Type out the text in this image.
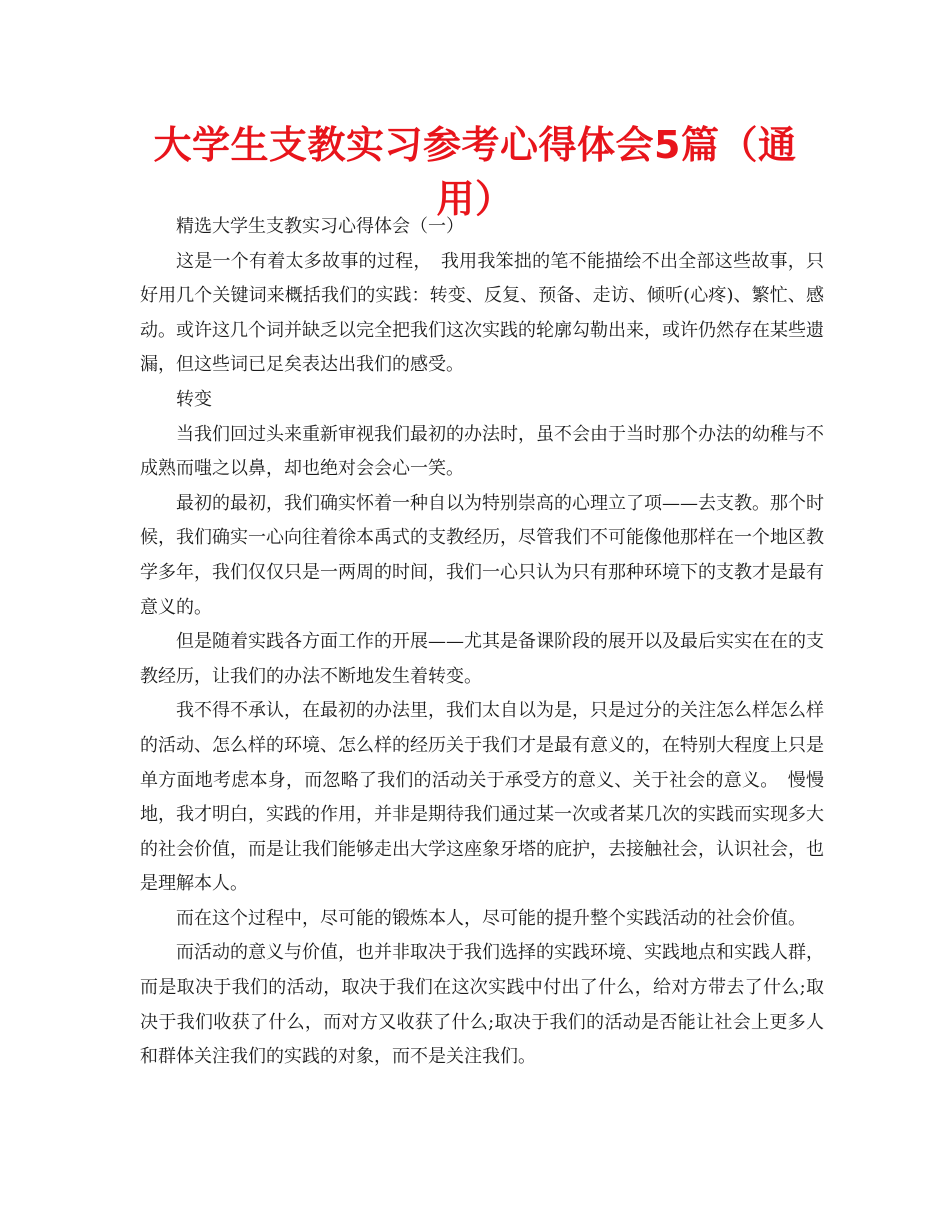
大学生支教实习参考心得体会5篇（通用）

精选大学生支教实习心得体会（一）

这是一个有着太多故事的过程，　我用我笨拙的笔不能描绘不出全部这些故事，只好用几个关键词来概括我们的实践：转变、反复、预备、走访、倾听(心疼)、繁忙、感动。或许这几个词并缺乏以完全把我们这次实践的轮廓勾勒出来，或许仍然存在某些遗漏，但这些词已足矣表达出我们的感受。

转变

当我们回过头来重新审视我们最初的办法时，虽不会由于当时那个办法的幼稚与不成熟而嗤之以鼻，却也绝对会会心一笑。

最初的最初，我们确实怀着一种自以为特别崇高的心理立了项——去支教。那个时候，我们确实一心向往着徐本禹式的支教经历，尽管我们不可能像他那样在一个地区教学多年，我们仅仅只是一两周的时间，我们一心只认为只有那种环境下的支教才是最有意义的。

但是随着实践各方面工作的开展——尤其是备课阶段的展开以及最后实实在在的支教经历，让我们的办法不断地发生着转变。

我不得不承认，在最初的办法里，我们太自以为是，只是过分的关注怎么样怎么样的活动、怎么样的环境、怎么样的经历关于我们才是最有意义的，在特别大程度上只是单方面地考虑本身，而忽略了我们的活动关于承受方的意义、关于社会的意义。　慢慢地，我才明白，实践的作用，并非是期待我们通过某一次或者某几次的实践而实现多大的社会价值，而是让我们能够走出大学这座象牙塔的庇护，去接触社会，认识社会，也是理解本人。

而在这个过程中，尽可能的锻炼本人，尽可能的提升整个实践活动的社会价值。

而活动的意义与价值，也并非取决于我们选择的实践环境、实践地点和实践人群，而是取决于我们的活动，取决于我们在这次实践中付出了什么，给对方带去了什么;取决于我们收获了什么，而对方又收获了什么;取决于我们的活动是否能让社会上更多人和群体关注我们的实践的对象，而不是关注我们。
